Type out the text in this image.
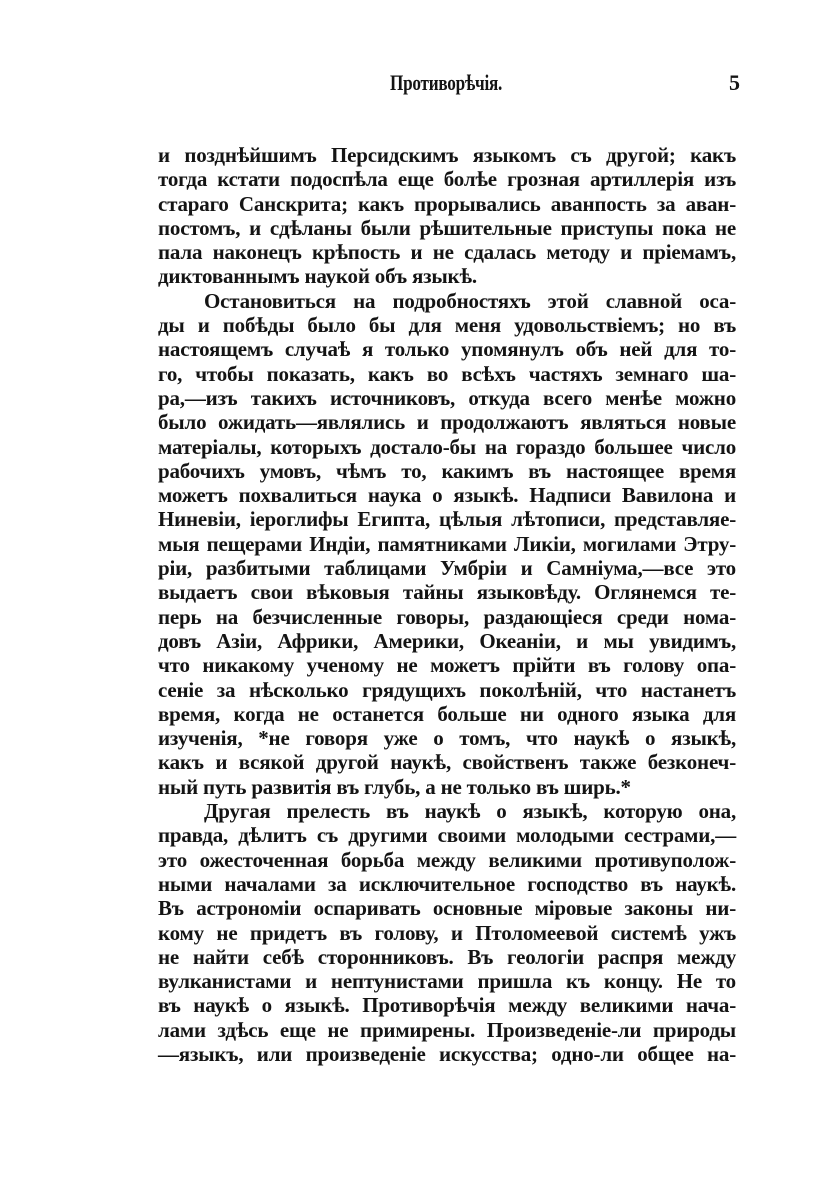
Противорѣчія.	5
и позднѣйшимъ Персидскимъ языкомъ съ другой; какъ
тогда кстати подоспѣла еще болѣе грозная артиллерія изъ
стараго Санскрита; какъ прорывались аванпость за аван-
постомъ, и сдѣланы были рѣшительные приступы пока не
пала наконецъ крѣпость и не сдалась методу и пріемамъ,
диктованнымъ наукой объ языкѣ.
Остановиться на подробностяхъ этой славной оса-
ды и побѣды было бы для меня удовольствіемъ; но въ
настоящемъ случаѣ я только упомянулъ объ ней для то-
го, чтобы показать, какъ во всѣхъ частяхъ земнаго ша-
ра,—изъ такихъ источниковъ, откуда всего менѣе можно
было ожидать—являлись и продолжаютъ являться новые
матеріалы, которыхъ достало-бы на гораздо большее число
рабочихъ умовъ, чѣмъ то, какимъ въ настоящее время
можетъ похвалиться наука о языкѣ. Надписи Вавилона и
Ниневіи, іероглифы Египта, цѣлыя лѣтописи, представляе-
мыя пещерами Индіи, памятниками Ликіи, могилами Этру-
ріи, разбитыми таблицами Умбріи и Самніума,—все это
выдаетъ свои вѣковыя тайны языковѣду. Оглянемся те-
перь на безчисленные говоры, раздающіеся среди нома-
довъ Азіи, Африки, Америки, Океаніи, и мы увидимъ,
что никакому ученому не можетъ прійти въ голову опа-
сеніе за нѣсколько грядущихъ поколѣній, что настанетъ
время, когда не останется больше ни одного языка для
изученія, *не говоря уже о томъ, что наукѣ о языкѣ,
какъ и всякой другой наукѣ, свойственъ также безконеч-
ный путь развитія въ глубь, а не только въ ширь.*
Другая прелесть въ наукѣ о языкѣ, которую она,
правда, дѣлитъ съ другими своими молодыми сестрами,—
это ожесточенная борьба между великими противупoлож-
ными началами за исключительное господство въ наукѣ.
Въ астрономіи оспаривать основные міровые законы ни-
кому не придетъ въ голову, и Птоломеевой системѣ ужъ
не найти себѣ сторонниковъ. Въ геологіи распря между
вулканистами и нептунистами пришла къ концу. Не то
въ наукѣ о языкѣ. Противорѣчія между великими нача-
лами здѣсь еще не примирены. Произведеніе-ли природы
—языкъ, или произведеніе искусства; одно-ли общее на-
